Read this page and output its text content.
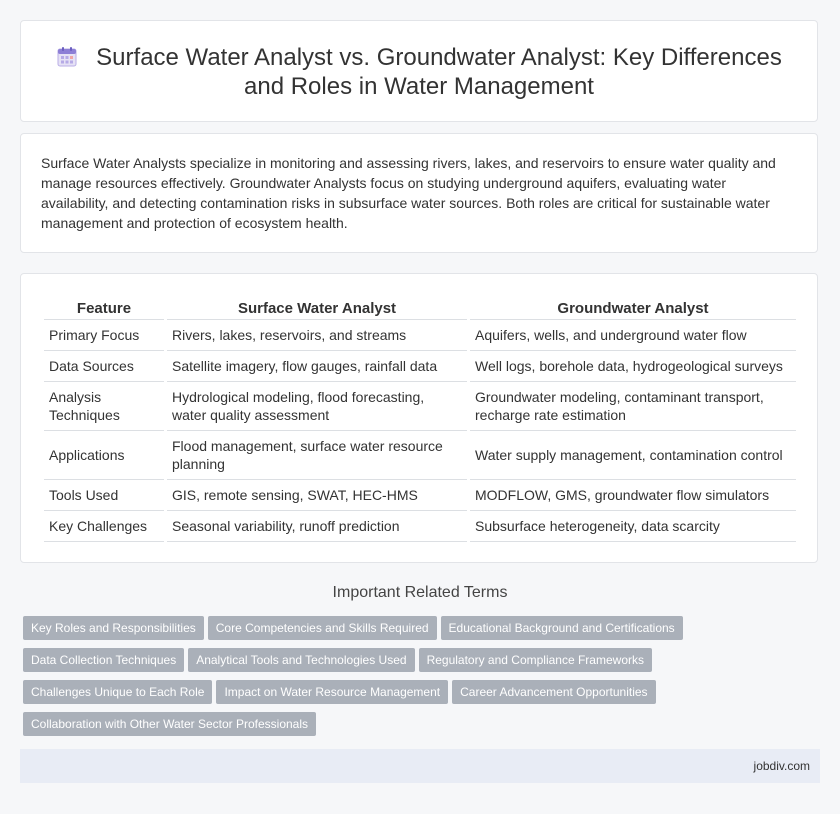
Surface Water Analyst vs. Groundwater Analyst: Key Differences
and Roles in Water Management

Surface Water Analysts specialize in monitoring and assessing rivers, lakes, and reservoirs to ensure water quality and manage resources effectively. Groundwater Analysts focus on studying underground aquifers, evaluating water availability, and detecting contamination risks in subsurface water sources. Both roles are critical for sustainable water management and protection of ecosystem health.

Feature	Surface Water Analyst	Groundwater Analyst
Primary Focus	Rivers, lakes, reservoirs, and streams	Aquifers, wells, and underground water flow
Data Sources	Satellite imagery, flow gauges, rainfall data	Well logs, borehole data, hydrogeological surveys
Analysis Techniques	Hydrological modeling, flood forecasting, water quality assessment	Groundwater modeling, contaminant transport, recharge rate estimation
Applications	Flood management, surface water resource planning	Water supply management, contamination control
Tools Used	GIS, remote sensing, SWAT, HEC-HMS	MODFLOW, GMS, groundwater flow simulators
Key Challenges	Seasonal variability, runoff prediction	Subsurface heterogeneity, data scarcity
Important Related Terms
Key Roles and Responsibilities Core Competencies and Skills Required Educational Background and Certifications
Data Collection Techniques Analytical Tools and Technologies Used Regulatory and Compliance Frameworks
Challenges Unique to Each Role Impact on Water Resource Management Career Advancement Opportunities
Collaboration with Other Water Sector Professionals
jobdiv.com
